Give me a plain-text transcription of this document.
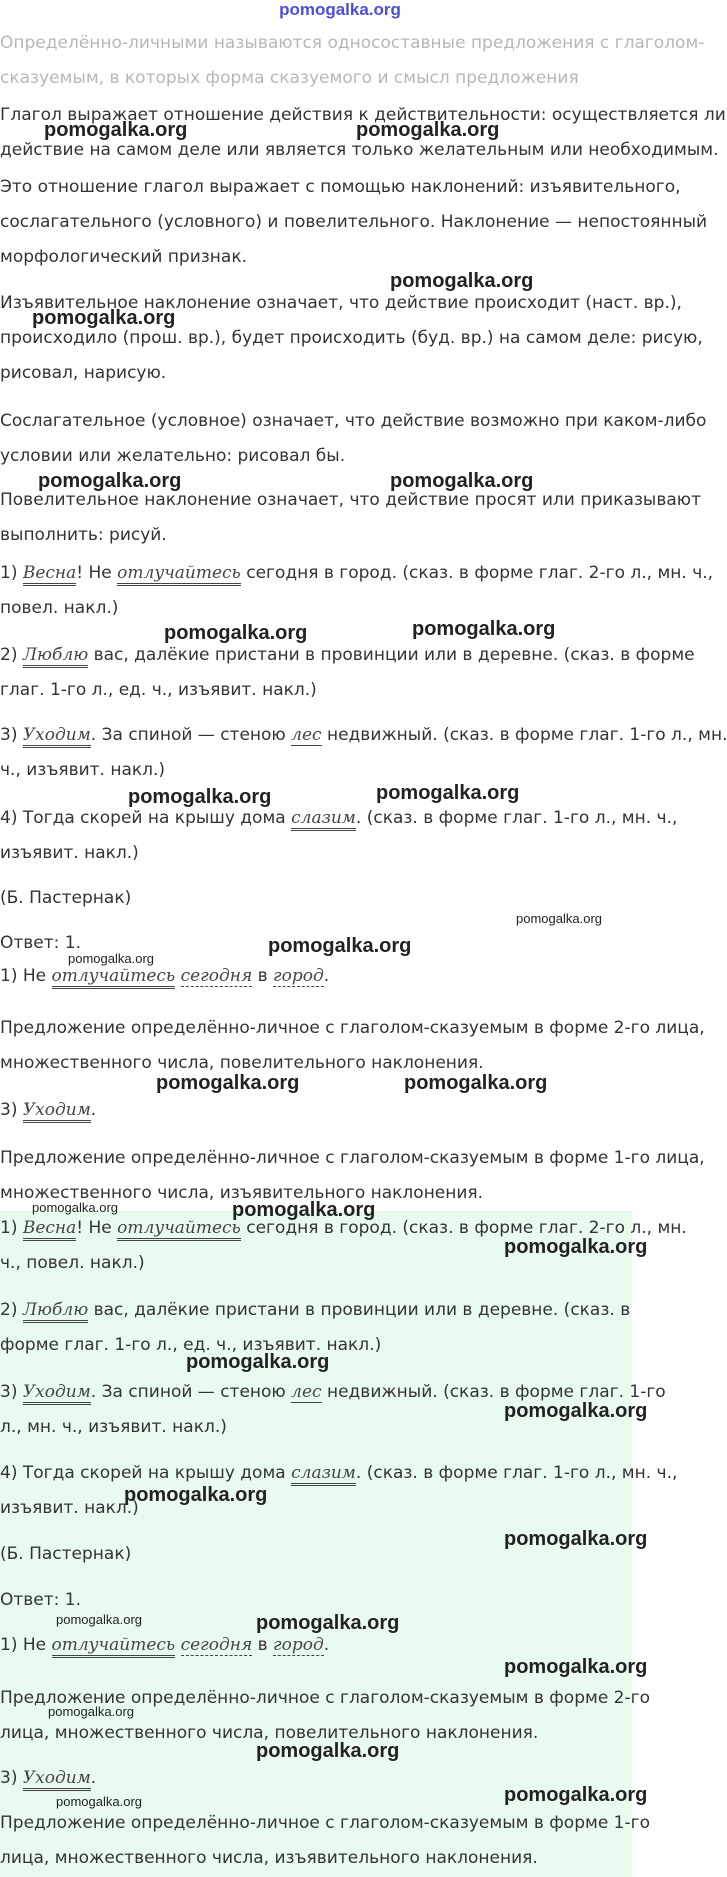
pomogalka.org
Определённо-личными называются односоставные предложения с глаголом-
сказуемым, в которых форма сказуемого и смысл предложения
Глагол выражает отношение действия к действительности: осуществляется ли
действие на самом деле или является только желательным или необходимым.
Это отношение глагол выражает с помощью наклонений: изъявительного,
сослагательного (условного) и повелительного. Наклонение — непостоянный
морфологический признак.
Изъявительное наклонение означает, что действие происходит (наст. вр.),
происходило (прош. вр.), будет происходить (буд. вр.) на самом деле: рисую,
рисовал, нарисую.
Сослагательное (условное) означает, что действие возможно при каком-либо
условии или желательно: рисовал бы.
Повелительное наклонение означает, что действие просят или приказывают
выполнить: рисуй.
1) Весна! Не отлучайтесь сегодня в город. (сказ. в форме глаг. 2-го л., мн. ч.,
повел. накл.)
2) Люблю вас, далёкие пристани в провинции или в деревне. (сказ. в форме
глаг. 1-го л., ед. ч., изъявит. накл.)
3) Уходим. За спиной — стеною лес недвижный. (сказ. в форме глаг. 1-го л., мн.
ч., изъявит. накл.)
4) Тогда скорей на крышу дома слазим. (сказ. в форме глаг. 1-го л., мн. ч.,
изъявит. накл.)
(Б. Пастернак)
Ответ: 1.
1) Не отлучайтесь сегодня в город.
Предложение определённо-личное с глаголом-сказуемым в форме 2-го лица,
множественного числа, повелительного наклонения.
3) Уходим.
Предложение определённо-личное с глаголом-сказуемым в форме 1-го лица,
множественного числа, изъявительного наклонения.
1) Весна! Не отлучайтесь сегодня в город. (сказ. в форме глаг. 2-го л., мн.
ч., повел. накл.)
2) Люблю вас, далёкие пристани в провинции или в деревне. (сказ. в
форме глаг. 1-го л., ед. ч., изъявит. накл.)
3) Уходим. За спиной — стеною лес недвижный. (сказ. в форме глаг. 1-го
л., мн. ч., изъявит. накл.)
4) Тогда скорей на крышу дома слазим. (сказ. в форме глаг. 1-го л., мн. ч.,
изъявит. накл.)
(Б. Пастернак)
Ответ: 1.
1) Не отлучайтесь сегодня в город.
Предложение определённо-личное с глаголом-сказуемым в форме 2-го
лица, множественного числа, повелительного наклонения.
3) Уходим.
Предложение определённо-личное с глаголом-сказуемым в форме 1-го
лица, множественного числа, изъявительного наклонения.
pomogalka.org	pomogalka.org
pomogalka.org
pomogalka.org
pomogalka.org	pomogalka.org
pomogalka.org	pomogalka.org
pomogalka.org	pomogalka.org
pomogalka.org
pomogalka.org
pomogalka.org
pomogalka.org	pomogalka.org
pomogalka.org
pomogalka.org
pomogalka.org
pomogalka.org
pomogalka.org
pomogalka.org
pomogalka.org
pomogalka.org
pomogalka.org
pomogalka.org
pomogalka.org
pomogalka.org
pomogalka.org
pomogalka.org
